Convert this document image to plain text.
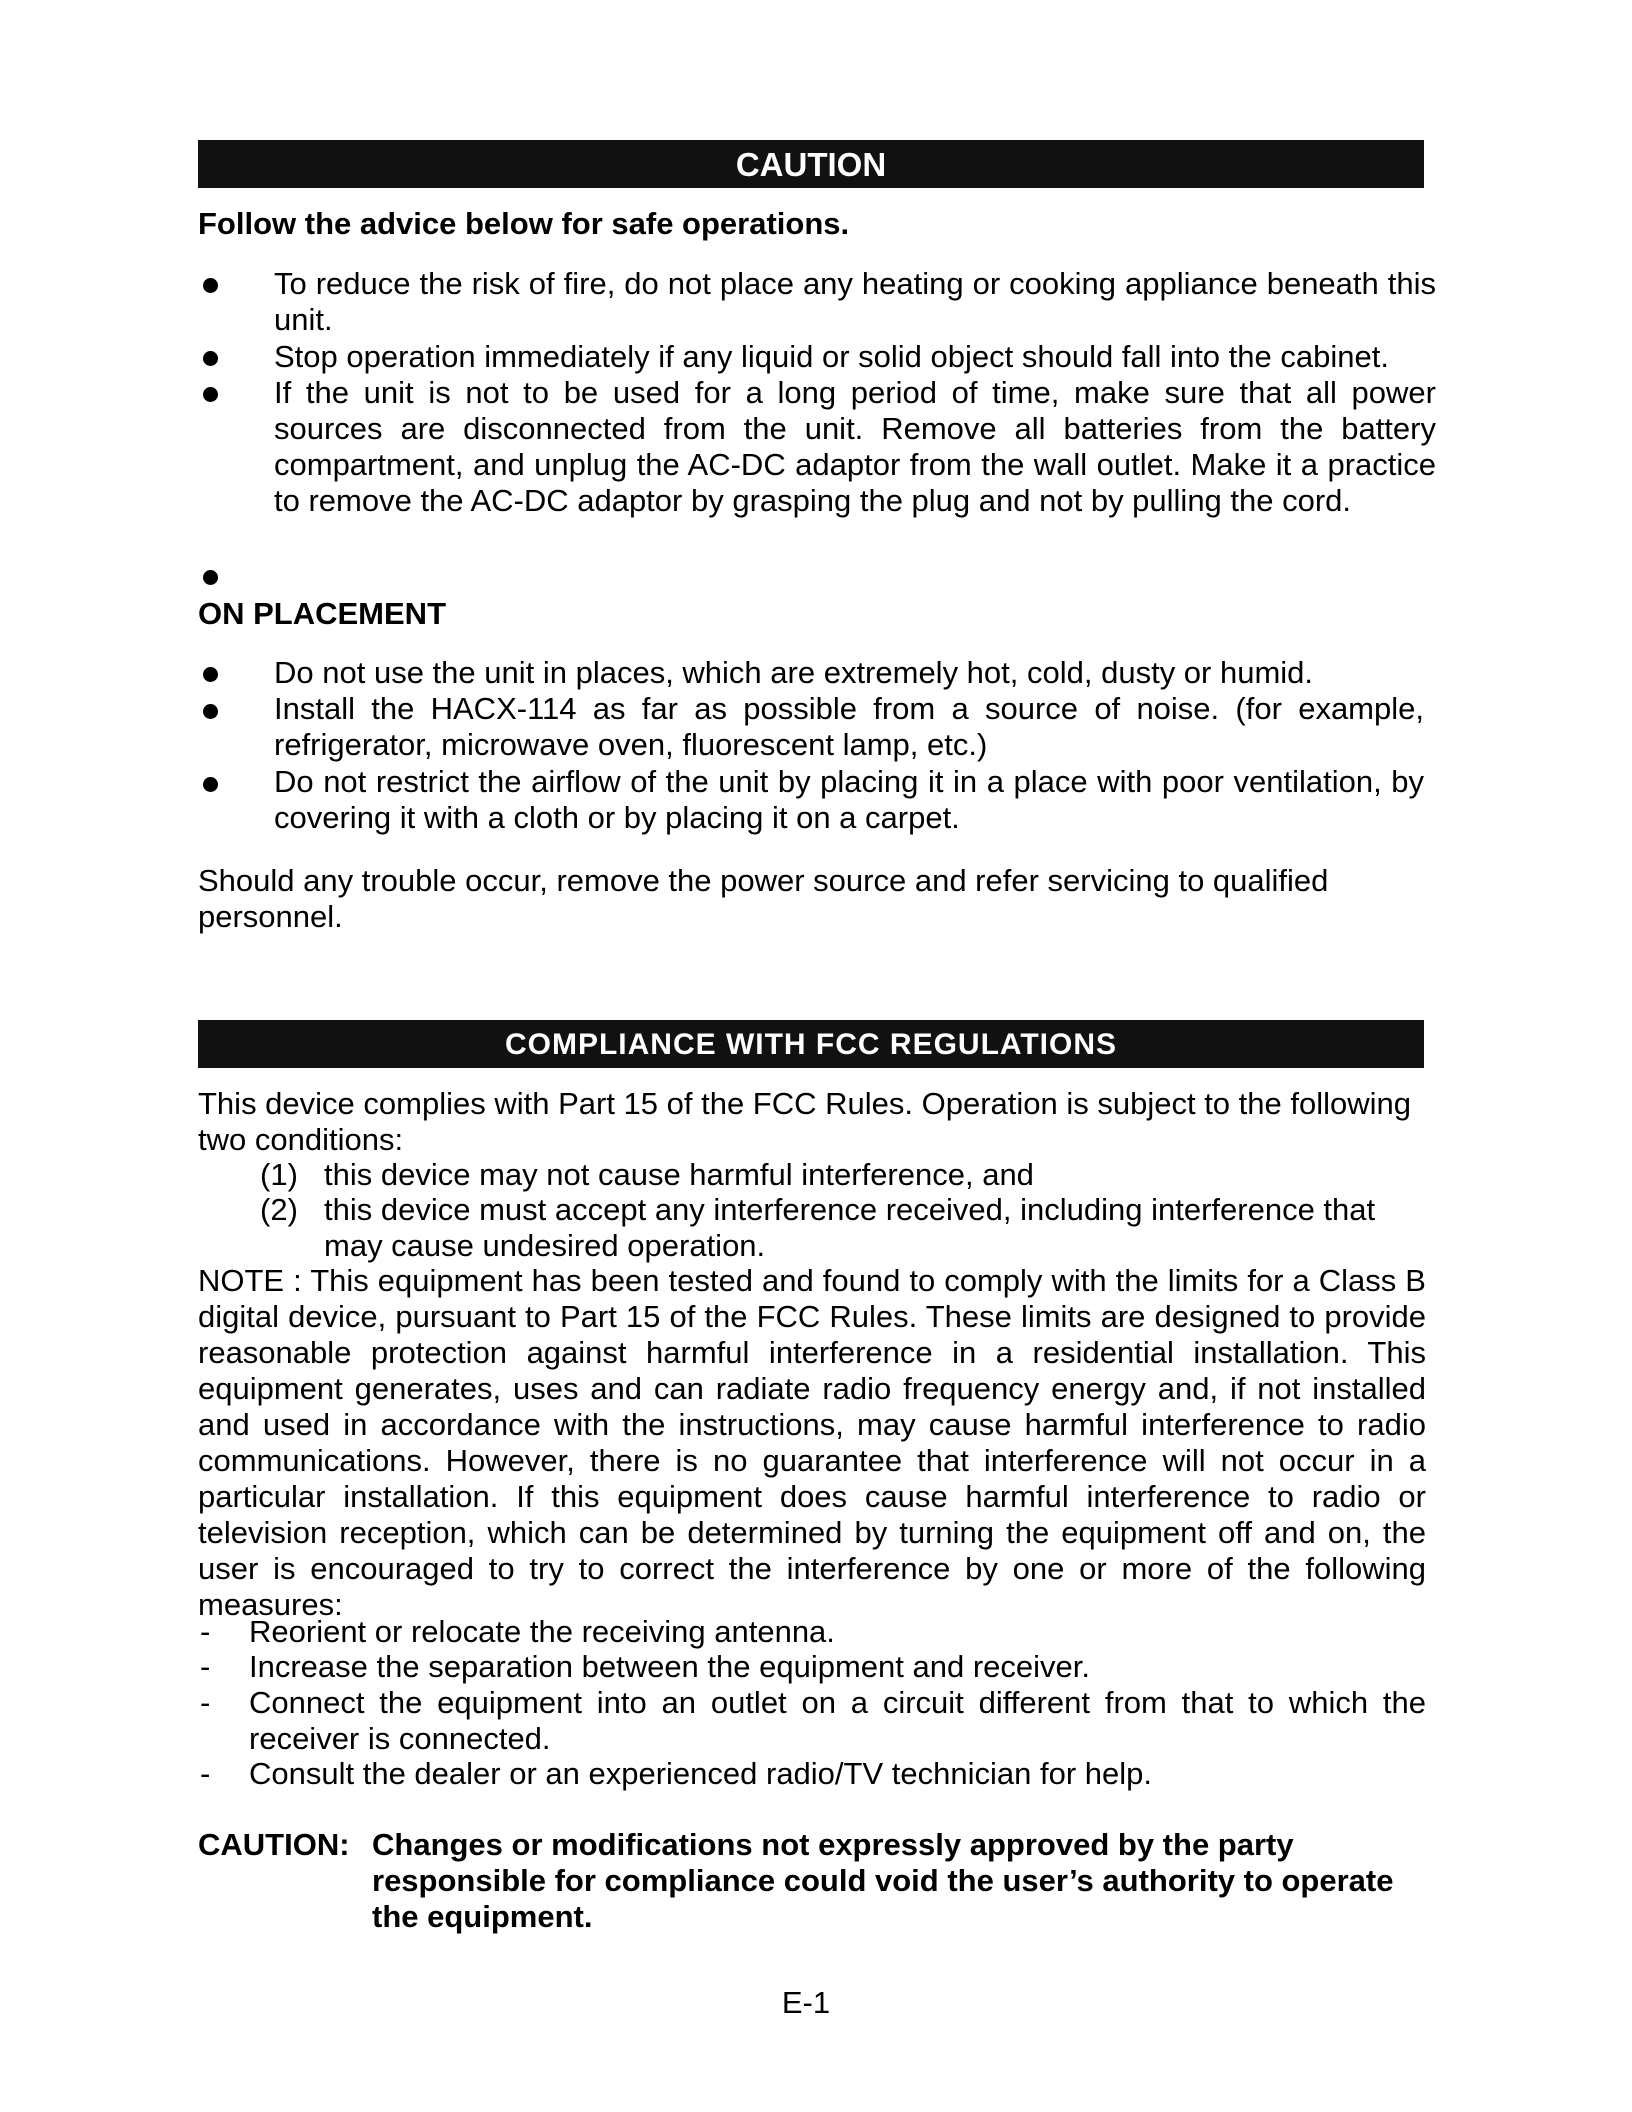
CAUTION

Follow the advice below for safe operations.

To reduce the risk of fire, do not place any heating or cooking appliance beneath this unit.

Stop operation immediately if any liquid or solid object should fall into the cabinet.

If the unit is not to be used for a long period of time, make sure that all power sources are disconnected from the unit. Remove all batteries from the battery compartment, and unplug the AC-DC adaptor from the wall outlet. Make it a practice to remove the AC-DC adaptor by grasping the plug and not by pulling the cord.

ON PLACEMENT

Do not use the unit in places, which are extremely hot, cold, dusty or humid.

Install the HACX-114 as far as possible from a source of noise. (for example, refrigerator, microwave oven, fluorescent lamp, etc.)

Do not restrict the airflow of the unit by placing it in a place with poor ventilation, by covering it with a cloth or by placing it on a carpet.

Should any trouble occur, remove the power source and refer servicing to qualified personnel.

COMPLIANCE WITH FCC REGULATIONS

This device complies with Part 15 of the FCC Rules. Operation is subject to the following two conditions:

(1) this device may not cause harmful interference, and

(2) this device must accept any interference received, including interference that may cause undesired operation.

NOTE : This equipment has been tested and found to comply with the limits for a Class B digital device, pursuant to Part 15 of the FCC Rules. These limits are designed to provide reasonable protection against harmful interference in a residential installation. This equipment generates, uses and can radiate radio frequency energy and, if not installed and used in accordance with the instructions, may cause harmful interference to radio communications. However, there is no guarantee that interference will not occur in a particular installation. If this equipment does cause harmful interference to radio or television reception, which can be determined by turning the equipment off and on, the user is encouraged to try to correct the interference by one or more of the following measures:

- Reorient or relocate the receiving antenna.

- Increase the separation between the equipment and receiver.

- Connect the equipment into an outlet on a circuit different from that to which the receiver is connected.

- Consult the dealer or an experienced radio/TV technician for help.

CAUTION: Changes or modifications not expressly approved by the party responsible for compliance could void the user’s authority to operate the equipment.

E-1
